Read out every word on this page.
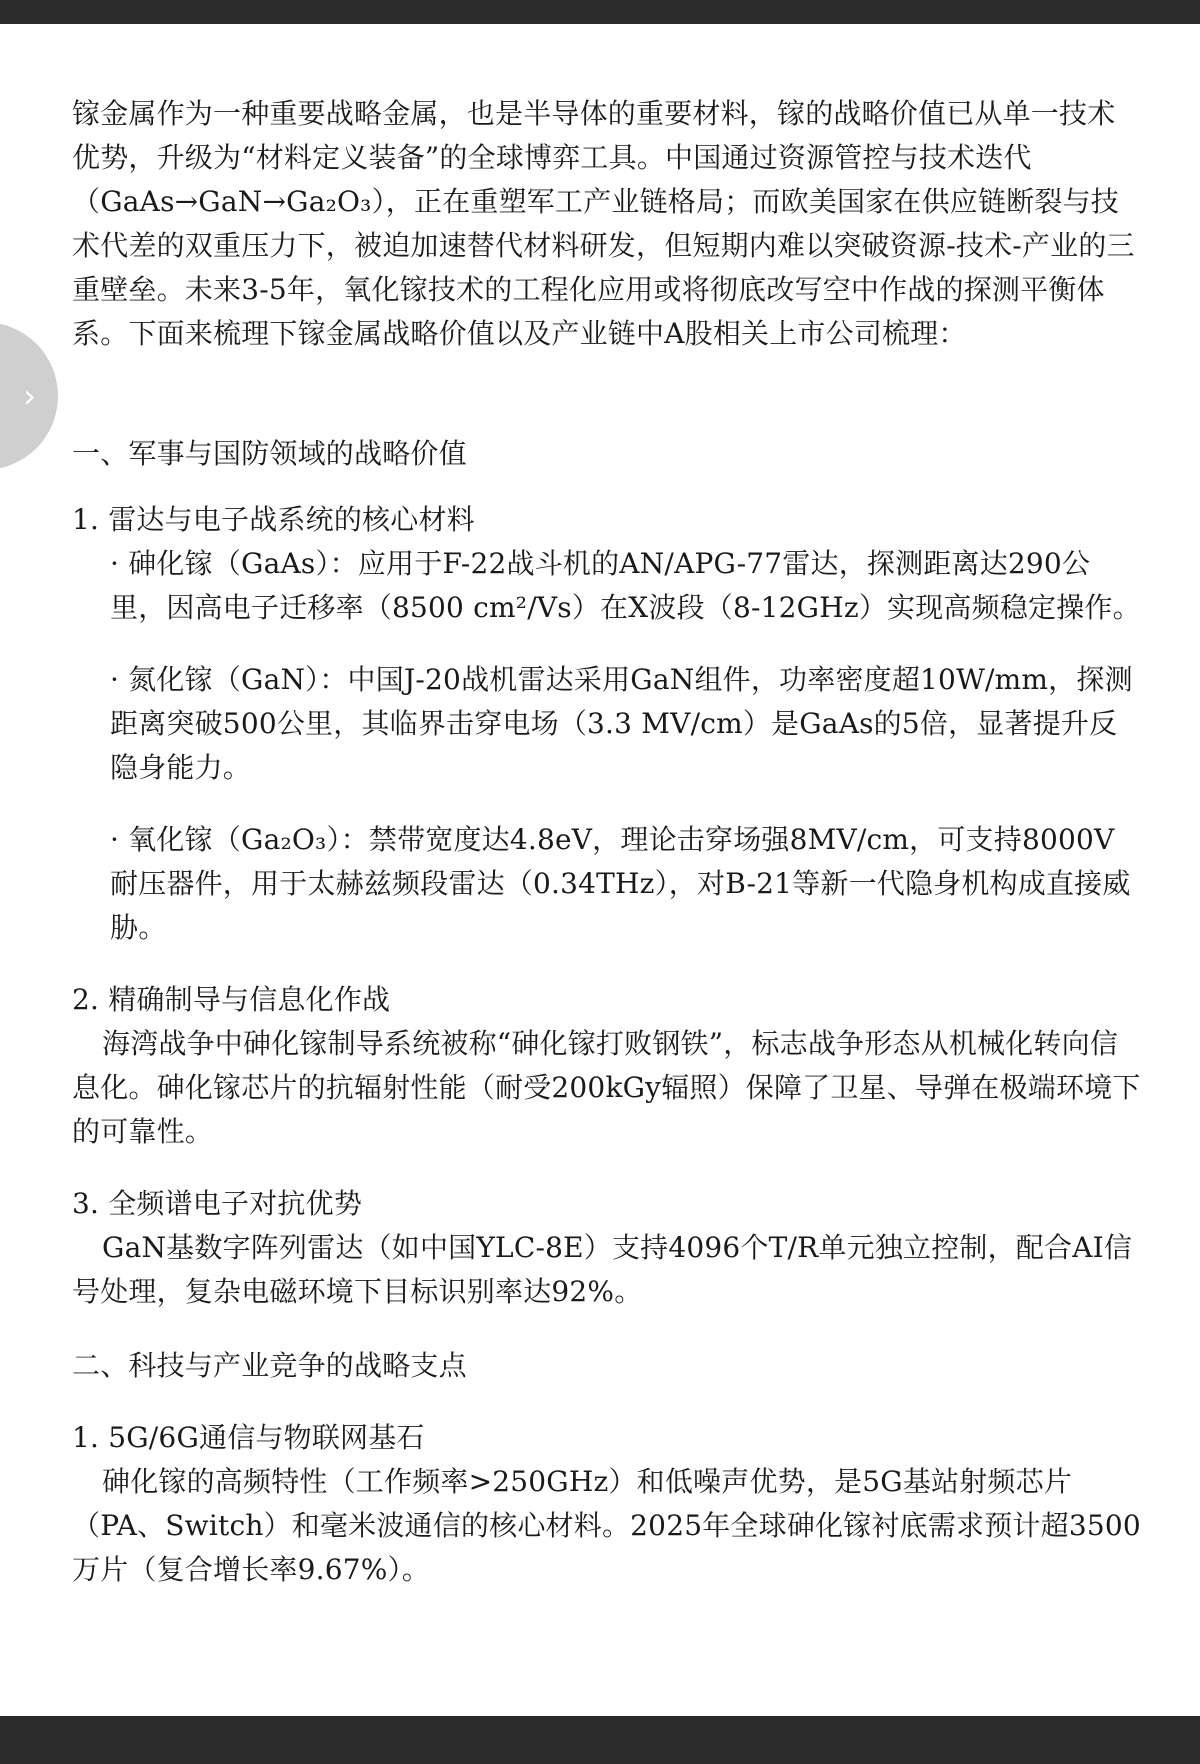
›

镓金属作为一种重要战略金属，也是半导体的重要材料，镓的战略价值已从单一技术优势，升级为“材料定义装备”的全球博弈工具。中国通过资源管控与技术迭代（GaAs→GaN→Ga₂O₃），正在重塑军工产业链格局；而欧美国家在供应链断裂与技术代差的双重压力下，被迫加速替代材料研发，但短期内难以突破资源-技术-产业的三重壁垒。未来3-5年，氧化镓技术的工程化应用或将彻底改写空中作战的探测平衡体系。下面来梳理下镓金属战略价值以及产业链中A股相关上市公司梳理：

一、军事与国防领域的战略价值

1. 雷达与电子战系统的核心材料

· 砷化镓（GaAs）：应用于F-22战斗机的AN/APG-77雷达，探测距离达290公里，因高电子迁移率（8500 cm²/Vs）在X波段（8-12GHz）实现高频稳定操作。

· 氮化镓（GaN）：中国J-20战机雷达采用GaN组件，功率密度超10W/mm，探测距离突破500公里，其临界击穿电场（3.3 MV/cm）是GaAs的5倍，显著提升反隐身能力。

· 氧化镓（Ga₂O₃）：禁带宽度达4.8eV，理论击穿场强8MV/cm，可支持8000V耐压器件，用于太赫兹频段雷达（0.34THz），对B-21等新一代隐身机构成直接威胁。

2. 精确制导与信息化作战

海湾战争中砷化镓制导系统被称“砷化镓打败钢铁”，标志战争形态从机械化转向信息化。砷化镓芯片的抗辐射性能（耐受200kGy辐照）保障了卫星、导弹在极端环境下的可靠性。

3. 全频谱电子对抗优势

GaN基数字阵列雷达（如中国YLC-8E）支持4096个T/R单元独立控制，配合AI信号处理，复杂电磁环境下目标识别率达92%。

二、科技与产业竞争的战略支点

1. 5G/6G通信与物联网基石

砷化镓的高频特性（工作频率>250GHz）和低噪声优势，是5G基站射频芯片（PA、Switch）和毫米波通信的核心材料。2025年全球砷化镓衬底需求预计超3500万片（复合增长率9.67%）。
